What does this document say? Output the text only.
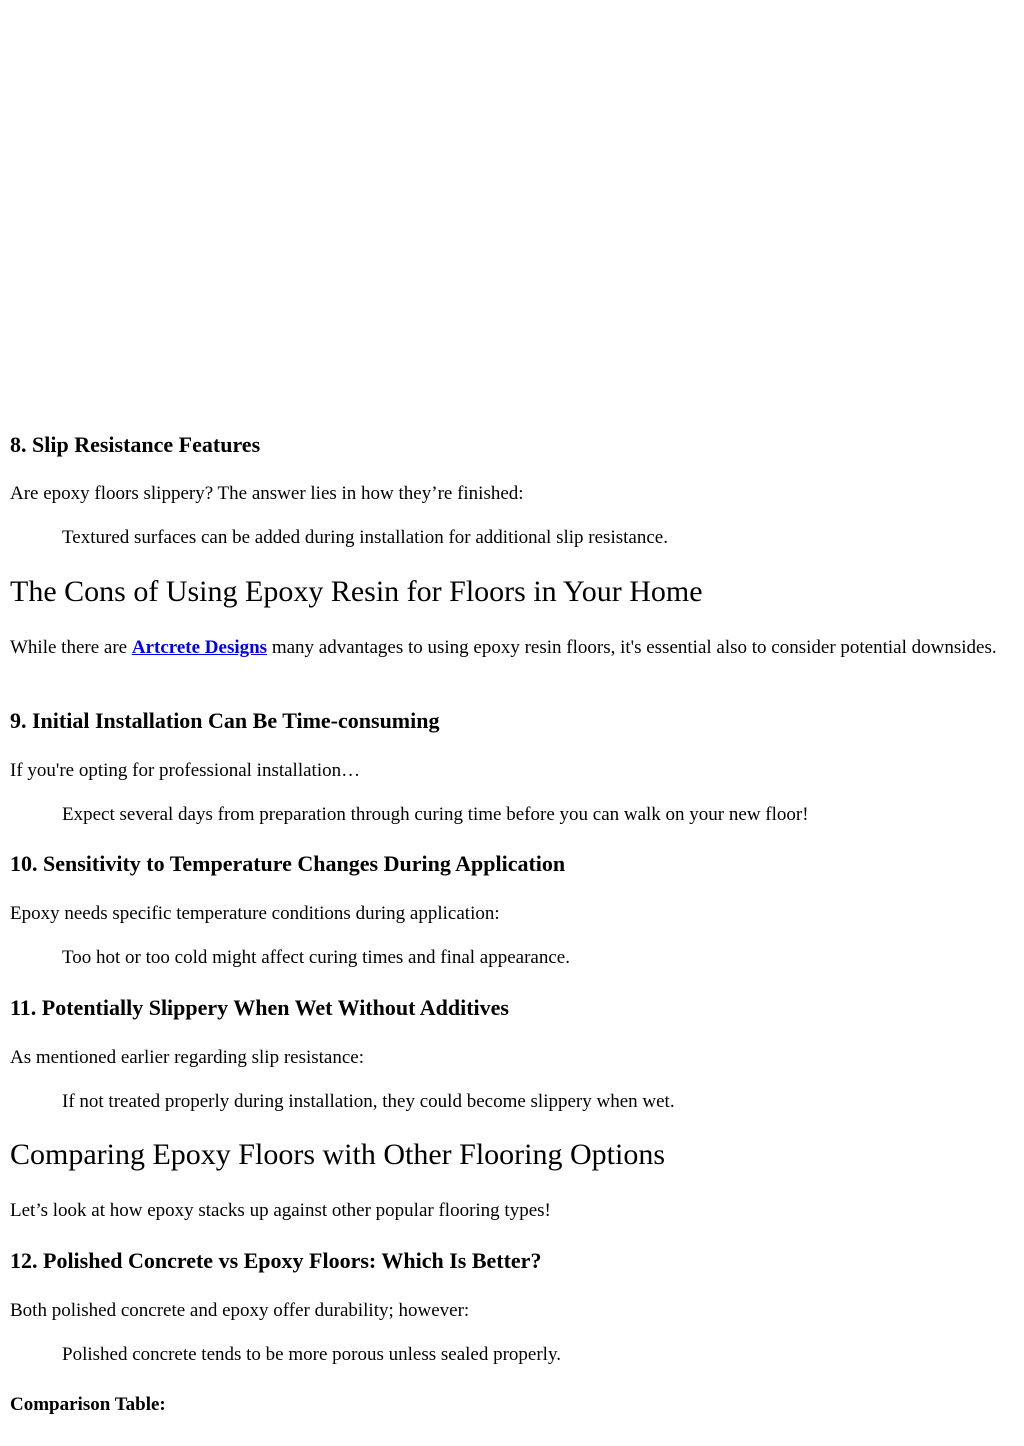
8. Slip Resistance Features

Are epoxy floors slippery? The answer lies in how they’re finished:

Textured surfaces can be added during installation for additional slip resistance.

The Cons of Using Epoxy Resin for Floors in Your Home

While there are Artcrete Designs many advantages to using epoxy resin floors, it's essential also to consider potential downsides.

9. Initial Installation Can Be Time-consuming

If you're opting for professional installation…

Expect several days from preparation through curing time before you can walk on your new floor!

10. Sensitivity to Temperature Changes During Application

Epoxy needs specific temperature conditions during application:

Too hot or too cold might affect curing times and final appearance.

11. Potentially Slippery When Wet Without Additives

As mentioned earlier regarding slip resistance:

If not treated properly during installation, they could become slippery when wet.

Comparing Epoxy Floors with Other Flooring Options

Let’s look at how epoxy stacks up against other popular flooring types!

12. Polished Concrete vs Epoxy Floors: Which Is Better?

Both polished concrete and epoxy offer durability; however:

Polished concrete tends to be more porous unless sealed properly.

Comparison Table:
